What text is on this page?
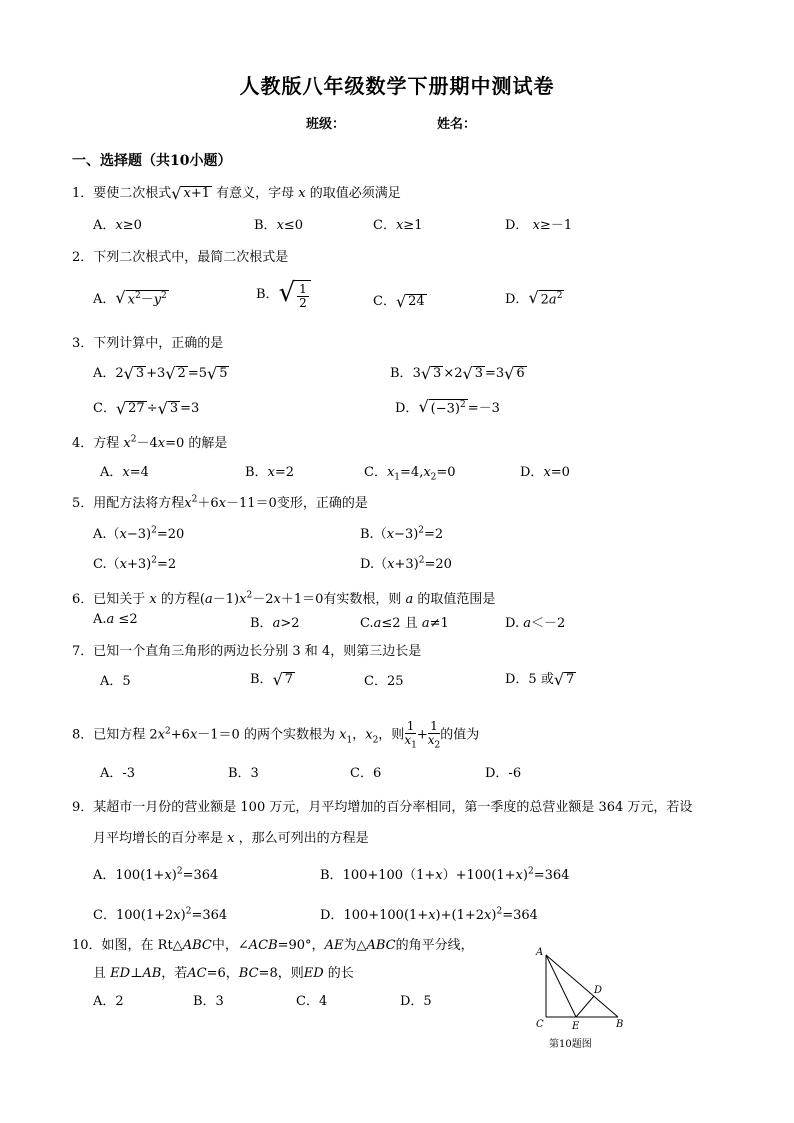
人教版八年级数学下册期中测试卷
班级：	姓名：
一、选择题（共10小题）
1．要使二次根式 √ x+1 有意义，字母 x 的取值必须满足
A．x≥0	B．x≤0	C．x≥1	D． x≥－1
2．下列二次根式中，最简二次根式是
A． √ $x^2-y^2$	B． √ $\frac{1}{2}$	C． √ 24	D． √ $2a^2$
3．下列计算中，正确的是
A．2 √ 3 +3 √ 2 =5 √ 5	B．3 √ 3 ×2 √ 3 =3 √ 6
C． √ 27 ÷ √ 3 =3	D． √ $(-3)^2 =-3$
4．方程 $x^2-4x=0$ 的解是
A．x=4	B．x=2	C．$x_1=4,x_2=0$	D．x=0
5．用配方法将方程$x^2+6x-11=0$变形，正确的是
A.（x−3)$^2$=20	B.（x−3)$^2$=2
C.（x+3)$^2$=2	D.（x+3)$^2$=20
6．已知关于 x 的方程$(a-1)x^2-2x+1=0$有实数根，则 a 的取值范围是
A.a ≤2	B．a>2	C.a≤2 且 a≠1	D. a＜－2
7．已知一个直角三角形的两边长分别 3 和 4，则第三边长是
A．5	B． √ 7	C．25	D．5 或 √ 7
8．已知方程 $2x^2+6x-1=0$ 的两个实数根为 $x_1$，$x_2$，则 $\frac{1}{x_1} + \frac{1}{x_2}$ 的值为
A．-3	B．3	C．6	D．-6
9．某超市一月份的营业额是 100 万元，月平均增加的百分率相同，第一季度的总营业额是 364 万元，若设
月平均增长的百分率是 x ，那么可列出的方程是
A．$100(1+x)^2=364$	B．$100+100(1+x)+100(1+x)^2=364$
C．$100(1+2x)^2=364$	D．$100+100(1+x)+(1+2x)^2=364$
10．如图，在 Rt△ABC中，∠ACB=90°，AE为△ABC的角平分线，
且 ED⊥AB，若AC=6，BC=8，则ED 的长
A．2	B．3	C．4	D．5
A
C	E	B
D
第10题图
